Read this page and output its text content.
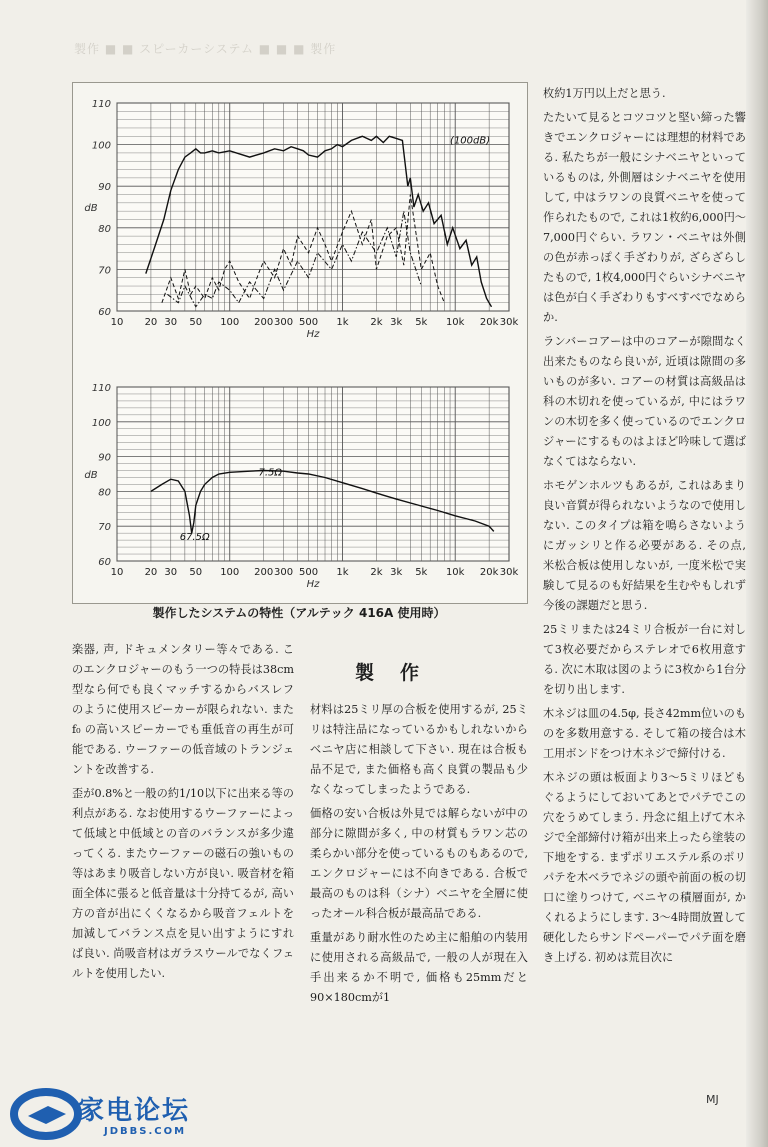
製作 ■ ■ スピーカーシステム ■ ■ ■ 製作
60
70
80
90
100
110
10 20 30 50 100 200 300 500 1k 2k 3k 5k 10k 20k 30k
dB
Hz
60
70
80
90
100
110
10 20 30 50 100 200 300 500 1k 2k 3k 5k 10k 20k 30k
dB
Hz
(100dB)
7.5Ω
67.5Ω
製作したシステムの特性（アルテック 416A 使用時）

枚約1万円以上だと思う.

たたいて見るとコツコツと堅い締った響きでエンクロジャーには理想的材料である. 私たちが一般にシナベニヤといっているものは, 外側層はシナベニヤを使用して, 中はラワンの良質ベニヤを使って作られたもので, これは1枚約6,000円～7,000円ぐらい. ラワン・ベニヤは外側の色が赤っぽく手ざわりが, ざらざらしたもので, 1枚4,000円ぐらいシナベニヤは色が白く手ざわりもすべすべでなめらか.

ランバーコアーは中のコアーが隙間なく出来たものなら良いが, 近頃は隙間の多いものが多い. コアーの材質は高級品は科の木切れを使っているが, 中にはラワンの木切を多く使っているのでエンクロジャーにするものはよほど吟味して選ばなくてはならない.

ホモゲンホルツもあるが, これはあまり良い音質が得られないようなので使用しない. このタイプは箱を鳴らさないようにガッシリと作る必要がある. その点, 米松合板は使用しないが, 一度米松で実験して見るのも好結果を生むやもしれず今後の課題だと思う.

25ミリまたは24ミリ合板が一台に対して3枚必要だからステレオで6枚用意する. 次に木取は図のように3枚から1台分を切り出します.

木ネジは皿の4.5φ, 長さ42mm位いのものを多数用意する. そして箱の接合は木工用ボンドをつけ木ネジで締付ける.

木ネジの頭は板面より3～5ミリほどもぐるようにしておいてあとでパテでこの穴をうめてしまう. 丹念に組上げて木ネジで全部締付け箱が出来上ったら塗装の下地をする. まずポリエステル系のポリパテを木ベラでネジの頭や前面の板の切口に塗りつけて, ベニヤの積層面が, かくれるようにします. 3～4時間放置して硬化したらサンドペーパーでパテ面を磨き上げる. 初めは荒目次に

楽器, 声, ドキュメンタリー等々である. このエンクロジャーのもう一つの特長は38cm型なら何でも良くマッチするからバスレフのように使用スピーカーが限られない. また f₀ の高いスピーカーでも重低音の再生が可能である. ウーファーの低音域のトランジェントを改善する.

歪が0.8%と一般の約1/10以下に出来る等の利点がある. なお使用するウーファーによって低域と中低域との音のバランスが多少違ってくる. またウーファーの磁石の強いもの等はあまり吸音しない方が良い. 吸音材を箱面全体に張ると低音量は十分持てるが, 高い方の音が出にくくなるから吸音フェルトを加減してバランス点を見い出すようにすれば良い. 尚吸音材はガラスウールでなくフェルトを使用したい.

製作

材料は25ミリ厚の合板を使用するが, 25ミリは特注品になっているかもしれないからベニヤ店に相談して下さい. 現在は合板も品不足で, また価格も高く良質の製品も少なくなってしまったようである.

価格の安い合板は外見では解らないが中の部分に隙間が多く, 中の材質もラワン芯の柔らかい部分を使っているものもあるので, エンクロジャーには不向きである. 合板で最高のものは科（シナ）ベニヤを全層に使ったオール科合板が最高品である.

重量があり耐水性のため主に船舶の内装用に使用される高級品で, 一般の人が現在入手出来るか不明で, 価格も25mmだと90×180cmが1

MJ
家电论坛
JDBBS.COM
